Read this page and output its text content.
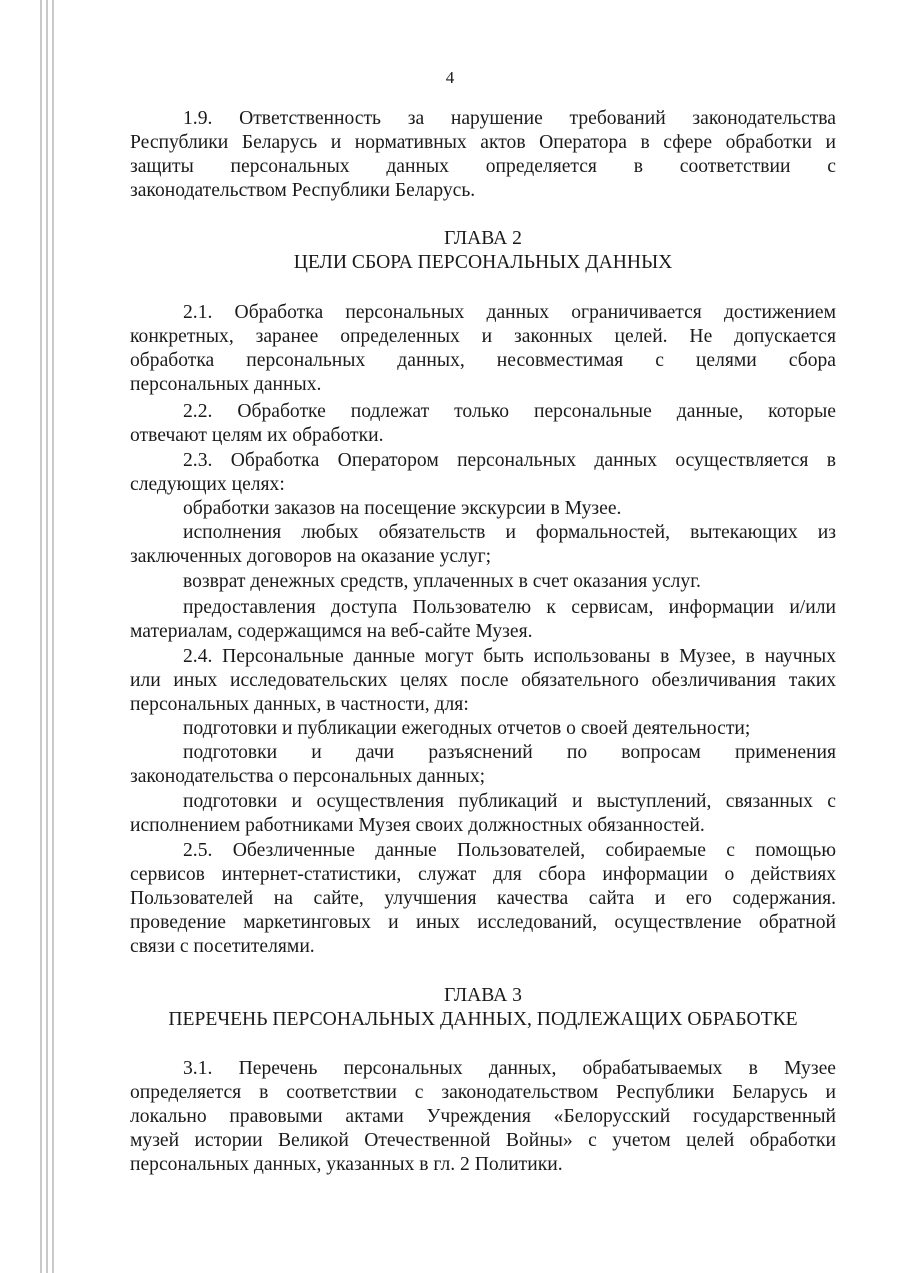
4

1.9. Ответственность за нарушение требований законодательства

Республики Беларусь и нормативных актов Оператора в сфере обработки и

защиты персональных данных определяется в соответствии с

законодательством Республики Беларусь.

ГЛАВА 2

ЦЕЛИ СБОРА ПЕРСОНАЛЬНЫХ ДАННЫХ

2.1. Обработка персональных данных ограничивается достижением

конкретных, заранее определенных и законных целей. Не допускается

обработка персональных данных, несовместимая с целями сбора

персональных данных.

2.2. Обработке подлежат только персональные данные, которые

отвечают целям их обработки.

2.3. Обработка Оператором персональных данных осуществляется в

следующих целях:

обработки заказов на посещение экскурсии в Музее.

исполнения любых обязательств и формальностей, вытекающих из

заключенных договоров на оказание услуг;

возврат денежных средств, уплаченных в счет оказания услуг.

предоставления доступа Пользователю к сервисам, информации и/или

материалам, содержащимся на веб-сайте Музея.

2.4. Персональные данные могут быть использованы в Музее, в научных

или иных исследовательских целях после обязательного обезличивания таких

персональных данных, в частности, для:

подготовки и публикации ежегодных отчетов о своей деятельности;

подготовки и дачи разъяснений по вопросам применения

законодательства о персональных данных;

подготовки и осуществления публикаций и выступлений, связанных с

исполнением работниками Музея своих должностных обязанностей.

2.5. Обезличенные данные Пользователей, собираемые с помощью

сервисов интернет-статистики, служат для сбора информации о действиях

Пользователей на сайте, улучшения качества сайта и его содержания.

проведение маркетинговых и иных исследований, осуществление обратной

связи с посетителями.

ГЛАВА 3

ПЕРЕЧЕНЬ ПЕРСОНАЛЬНЫХ ДАННЫХ, ПОДЛЕЖАЩИХ ОБРАБОТКЕ

3.1. Перечень персональных данных, обрабатываемых в Музее

определяется в соответствии с законодательством Республики Беларусь и

локально правовыми актами Учреждения «Белорусский государственный

музей истории Великой Отечественной Войны» с учетом целей обработки

персональных данных, указанных в гл. 2 Политики.
